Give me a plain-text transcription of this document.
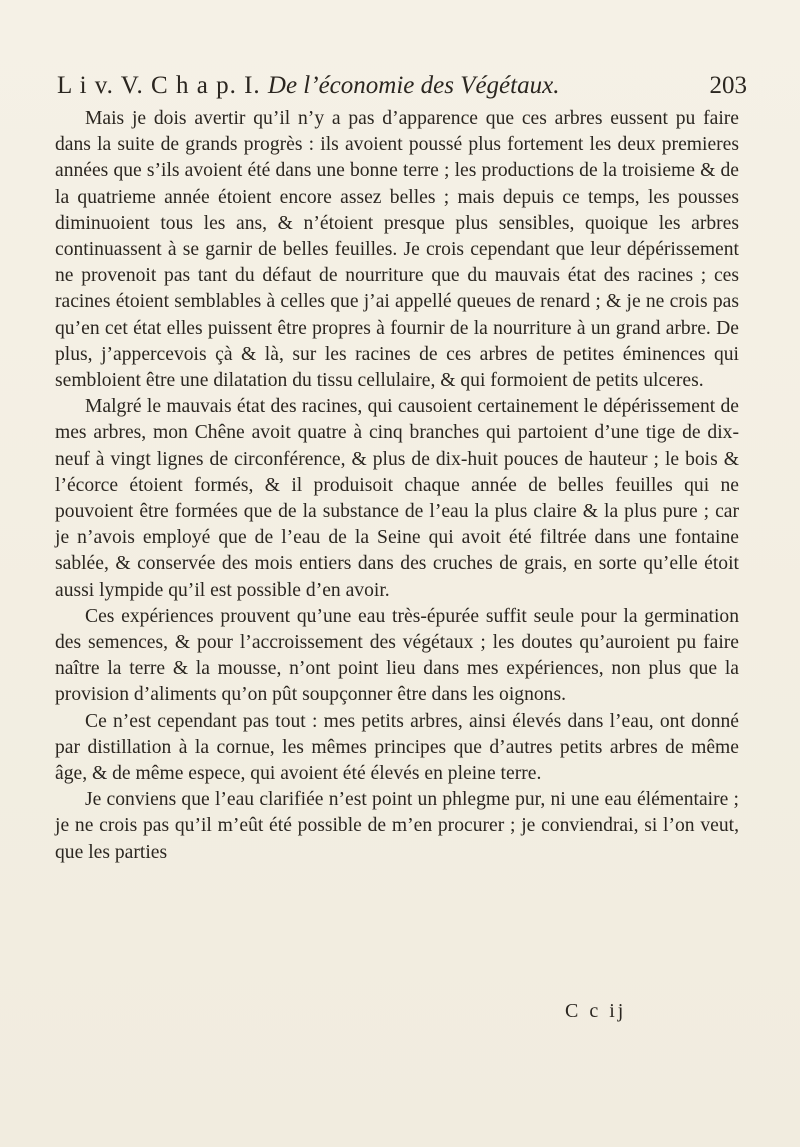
L i v. V. C h a p. I. De l’économie des Végétaux.	203

Mais je dois avertir qu’il n’y a pas d’apparence que ces arbres eussent pu faire dans la suite de grands progrès : ils avoient poussé plus fortement les deux premieres années que s’ils avoient été dans une bonne terre ; les productions de la troisieme & de la quatrieme année étoient encore assez belles ; mais depuis ce temps, les pousses diminuoient tous les ans, & n’étoient presque plus sensibles, quoique les arbres continuassent à se garnir de belles feuilles. Je crois cependant que leur dépérissement ne provenoit pas tant du défaut de nourriture que du mauvais état des racines ; ces racines étoient semblables à celles que j’ai appellé queues de renard ; & je ne crois pas qu’en cet état elles puissent être propres à fournir de la nourriture à un grand arbre. De plus, j’appercevois çà & là, sur les racines de ces arbres de petites éminences qui sembloient être une dilatation du tissu cellulaire, & qui formoient de petits ulceres.

Malgré le mauvais état des racines, qui causoient certainement le dépérissement de mes arbres, mon Chêne avoit quatre à cinq branches qui partoient d’une tige de dix-neuf à vingt lignes de circonférence, & plus de dix-huit pouces de hauteur ; le bois & l’écorce étoient formés, & il produisoit chaque année de belles feuilles qui ne pouvoient être formées que de la substance de l’eau la plus claire & la plus pure ; car je n’avois employé que de l’eau de la Seine qui avoit été filtrée dans une fontaine sablée, & conservée des mois entiers dans des cruches de grais, en sorte qu’elle étoit aussi lympide qu’il est possible d’en avoir.

Ces expériences prouvent qu’une eau très-épurée suffit seule pour la germination des semences, & pour l’accroissement des végétaux ; les doutes qu’auroient pu faire naître la terre & la mousse, n’ont point lieu dans mes expériences, non plus que la provision d’aliments qu’on pût soupçonner être dans les oignons.

Ce n’est cependant pas tout : mes petits arbres, ainsi élevés dans l’eau, ont donné par distillation à la cornue, les mêmes principes que d’autres petits arbres de même âge, & de même espece, qui avoient été élevés en pleine terre.

Je conviens que l’eau clarifiée n’est point un phlegme pur, ni une eau élémentaire ; je ne crois pas qu’il m’eût été possible de m’en procurer ; je conviendrai, si l’on veut, que les parties

C c ij
